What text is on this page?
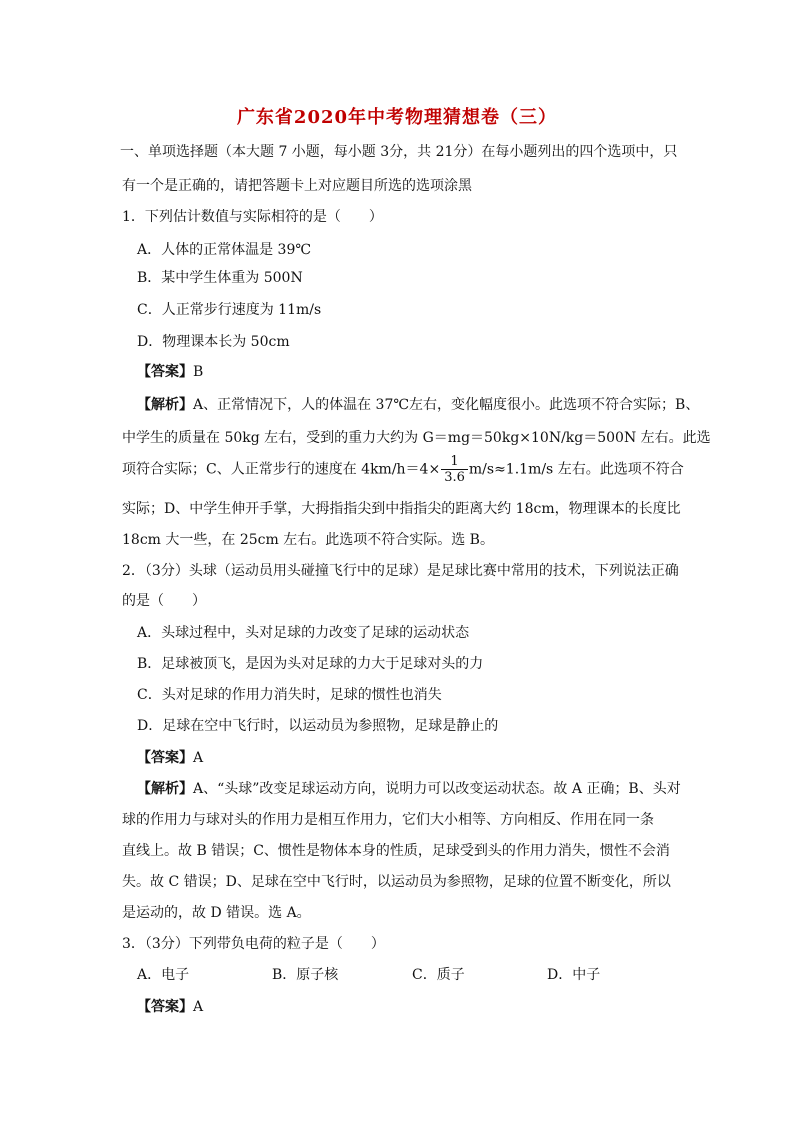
广东省2020年中考物理猜想卷（三）
一、单项选择题（本大题 7 小题，每小题 3分，共 21分）在每小题列出的四个选项中，只
有一个是正确的，请把答题卡上对应题目所选的选项涂黑
1．下列估计数值与实际相符的是（　　）
A．人体的正常体温是 39℃
B．某中学生体重为 500N
C．人正常步行速度为 11m/s
D．物理课本长为 50cm
【答案】B
【解析】A、正常情况下，人的体温在 37℃左右，变化幅度很小。此选项不符合实际；B、
中学生的质量在 50kg 左右，受到的重力大约为 G＝mg＝50kg×10N/kg＝500N 左右。此选
项符合实际；C、人正常步行的速度在 $4km/h=4\times \frac{1}{3.6} m/s\approx 1.1m/s$ 左右。此选项不符合
实际；D、中学生伸开手掌，大拇指指尖到中指指尖的距离大约 18cm，物理课本的长度比
18cm 大一些，在 25cm 左右。此选项不符合实际。选 B。
2．（3分）头球（运动员用头碰撞飞行中的足球）是足球比赛中常用的技术，下列说法正确
的是（　　）
A．头球过程中，头对足球的力改变了足球的运动状态
B．足球被顶飞，是因为头对足球的力大于足球对头的力
C．头对足球的作用力消失时，足球的惯性也消失
D．足球在空中飞行时，以运动员为参照物，足球是静止的
【答案】A
【解析】A、“头球”改变足球运动方向，说明力可以改变运动状态。故 A 正确；B、头对
球的作用力与球对头的作用力是相互作用力，它们大小相等、方向相反、作用在同一条
直线上。故 B 错误；C、惯性是物体本身的性质，足球受到头的作用力消失，惯性不会消
失。故 C 错误；D、足球在空中飞行时，以运动员为参照物，足球的位置不断变化，所以
是运动的，故 D 错误。选 A。
3．（3分）下列带负电荷的粒子是（　　）
A．电子	B．原子核	C．质子	D．中子
【答案】A
